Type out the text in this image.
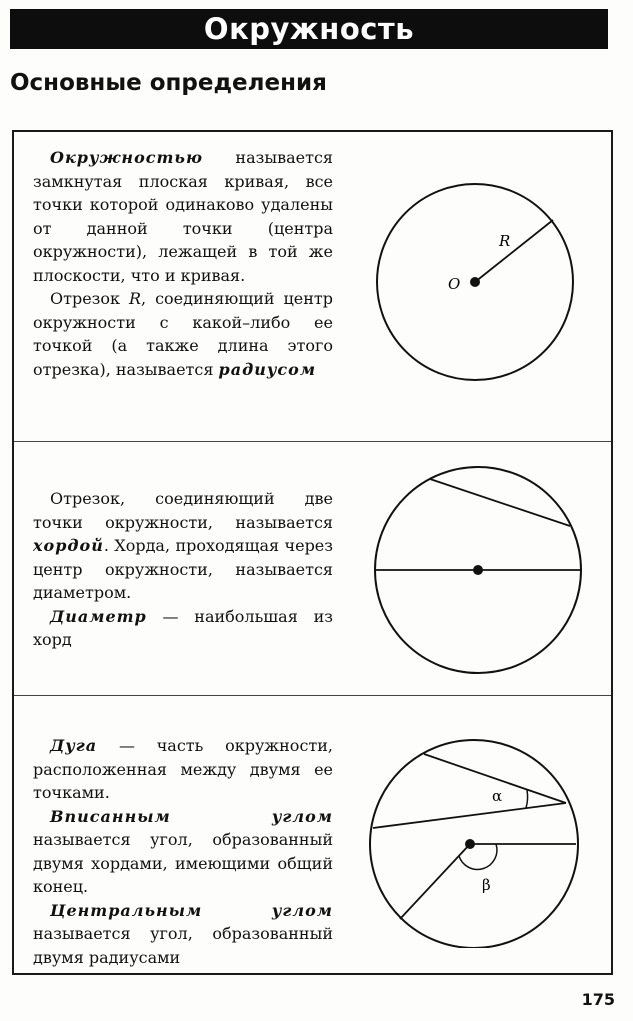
Окружность
Основные определения

Окружностью называется замкнутая плоская кривая, все точки которой одинаково удалены от данной точки (центра окружности), лежащей в той же плоскости, что и кривая.

Отрезок R, соединяющий центр окружности с какой–либо ее точкой (а также длина этого отрезка), называется радиусом

O
R

Отрезок, соединяющий две точки окружности, называется хордой. Хорда, проходящая через центр окружности, называется диаметром.

Диаметр — наибольшая из хорд

Дуга — часть окружности, расположенная между двумя ее точками.

Вписанным углом называется угол, образованный двумя хордами, имеющими общий конец.

Центральным углом называется угол, образованный двумя радиусами

α
β
175
